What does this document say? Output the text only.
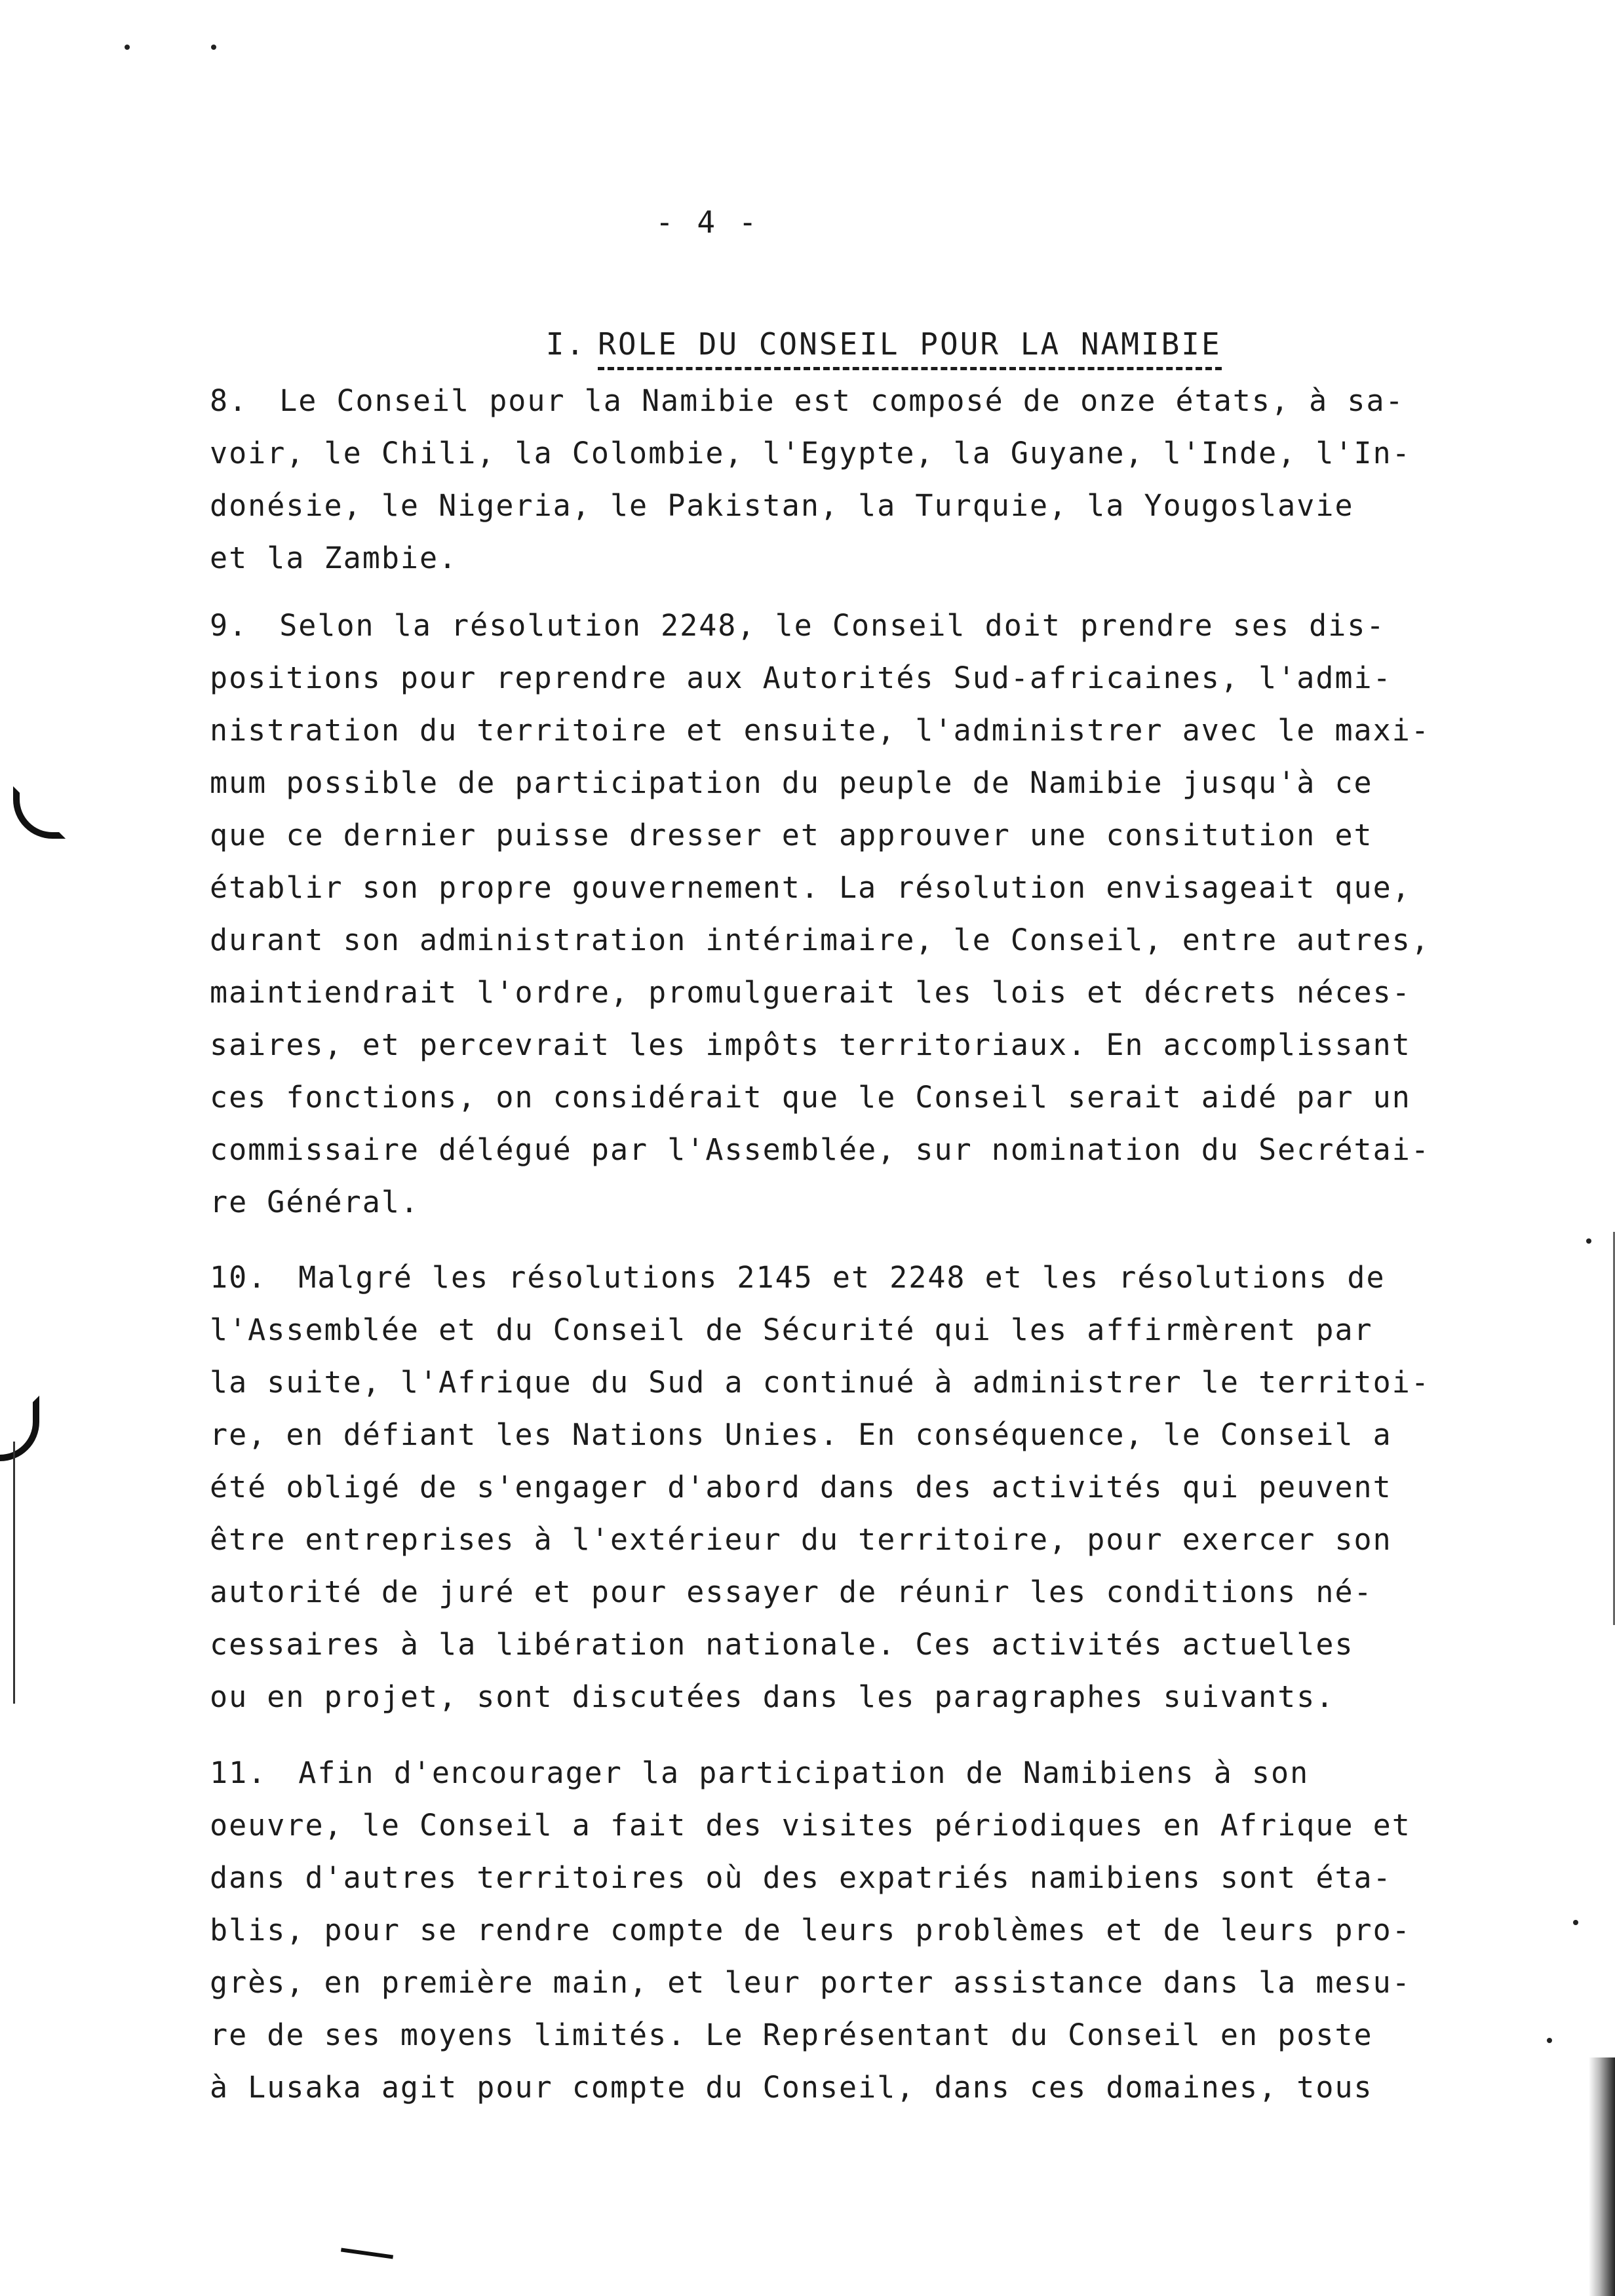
- 4 -

I. ROLE DU CONSEIL POUR LA NAMIBIE

8. Le Conseil pour la Namibie est composé de onze états, à sa-
voir, le Chili, la Colombie, l'Egypte, la Guyane, l'Inde, l'In-
donésie, le Nigeria, le Pakistan, la Turquie, la Yougoslavie
et la Zambie.
9. Selon la résolution 2248, le Conseil doit prendre ses dis-
positions pour reprendre aux Autorités Sud-africaines, l'admi-
nistration du territoire et ensuite, l'administrer avec le maxi-
mum possible de participation du peuple de Namibie jusqu'à ce
que ce dernier puisse dresser et approuver une consitution et
établir son propre gouvernement. La résolution envisageait que,
durant son administration intérimaire, le Conseil, entre autres,
maintiendrait l'ordre, promulguerait les lois et décrets néces-
saires, et percevrait les impôts territoriaux. En accomplissant
ces fonctions, on considérait que le Conseil serait aidé par un
commissaire délégué par l'Assemblée, sur nomination du Secrétai-
re Général.
10. Malgré les résolutions 2145 et 2248 et les résolutions de
l'Assemblée et du Conseil de Sécurité qui les affirmèrent par
la suite, l'Afrique du Sud a continué à administrer le territoi-
re, en défiant les Nations Unies. En conséquence, le Conseil a
été obligé de s'engager d'abord dans des activités qui peuvent
être entreprises à l'extérieur du territoire, pour exercer son
autorité de juré et pour essayer de réunir les conditions né-
cessaires à la libération nationale. Ces activités actuelles
ou en projet, sont discutées dans les paragraphes suivants.
11. Afin d'encourager la participation de Namibiens à son
oeuvre, le Conseil a fait des visites périodiques en Afrique et
dans d'autres territoires où des expatriés namibiens sont éta-
blis, pour se rendre compte de leurs problèmes et de leurs pro-
grès, en première main, et leur porter assistance dans la mesu-
re de ses moyens limités. Le Représentant du Conseil en poste
à Lusaka agit pour compte du Conseil, dans ces domaines, tous
